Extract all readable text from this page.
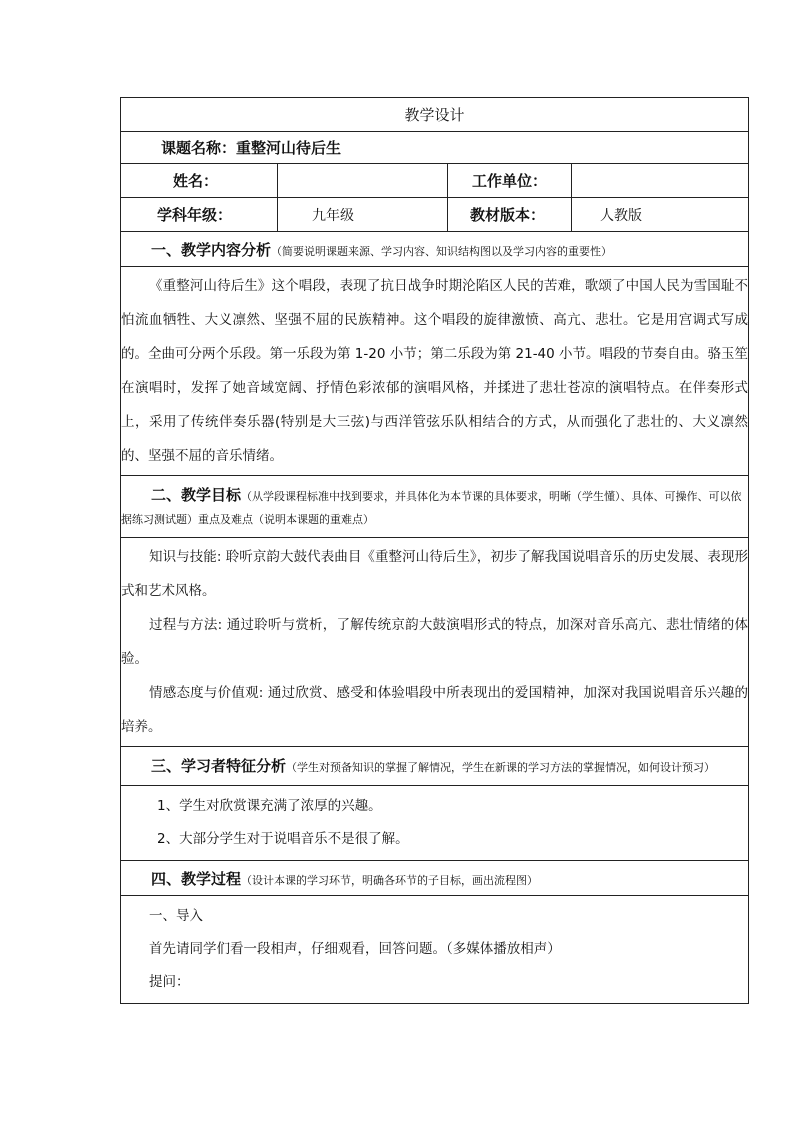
教学设计			
课题名称：重整河山待后生			
姓名：		工作单位：	
学科年级：	九年级	教材版本：	人教版
一、教学内容分析（简要说明课题来源、学习内容、知识结构图以及学习内容的重要性）			

《重整河山待后生》这个唱段，表现了抗日战争时期沦陷区人民的苦难，歌颂了中国人民为雪国耻不怕流血牺牲、大义凛然、坚强不屈的民族精神。这个唱段的旋律激愤、高亢、悲壮。它是用宫调式写成的。全曲可分两个乐段。第一乐段为第 1-20 小节；第二乐段为第 21-40 小节。唱段的节奏自由。骆玉笙在演唱时，发挥了她音域宽阔、抒情色彩浓郁的演唱风格，并揉进了悲壮苍凉的演唱特点。在伴奏形式上，采用了传统伴奏乐器(特别是大三弦)与西洋管弦乐队相结合的方式，从而强化了悲壮的、大义凛然的、坚强不屈的音乐情绪。			

二、教学目标（从学段课程标准中找到要求，并具体化为本节课的具体要求，明晰（学生懂）、具体、可操作、可以依据练习测试题）重点及难点（说明本课题的重难点）			

知识与技能: 聆听京韵大鼓代表曲目《重整河山待后生》，初步了解我国说唱音乐的历史发展、表现形式和艺术风格。

过程与方法: 通过聆听与赏析，了解传统京韵大鼓演唱形式的特点，加深对音乐高亢、悲壮情绪的体验。

情感态度与价值观: 通过欣赏、感受和体验唱段中所表现出的爱国精神，加深对我国说唱音乐兴趣的培养。			

三、学习者特征分析（学生对预备知识的掌握了解情况，学生在新课的学习方法的掌握情况，如何设计预习）			

1、学生对欣赏课充满了浓厚的兴趣。

2、大部分学生对于说唱音乐不是很了解。			

四、教学过程（设计本课的学习环节，明确各环节的子目标，画出流程图）			

一、导入

首先请同学们看一段相声，仔细观看，回答问题。（多媒体播放相声）

提问：			
